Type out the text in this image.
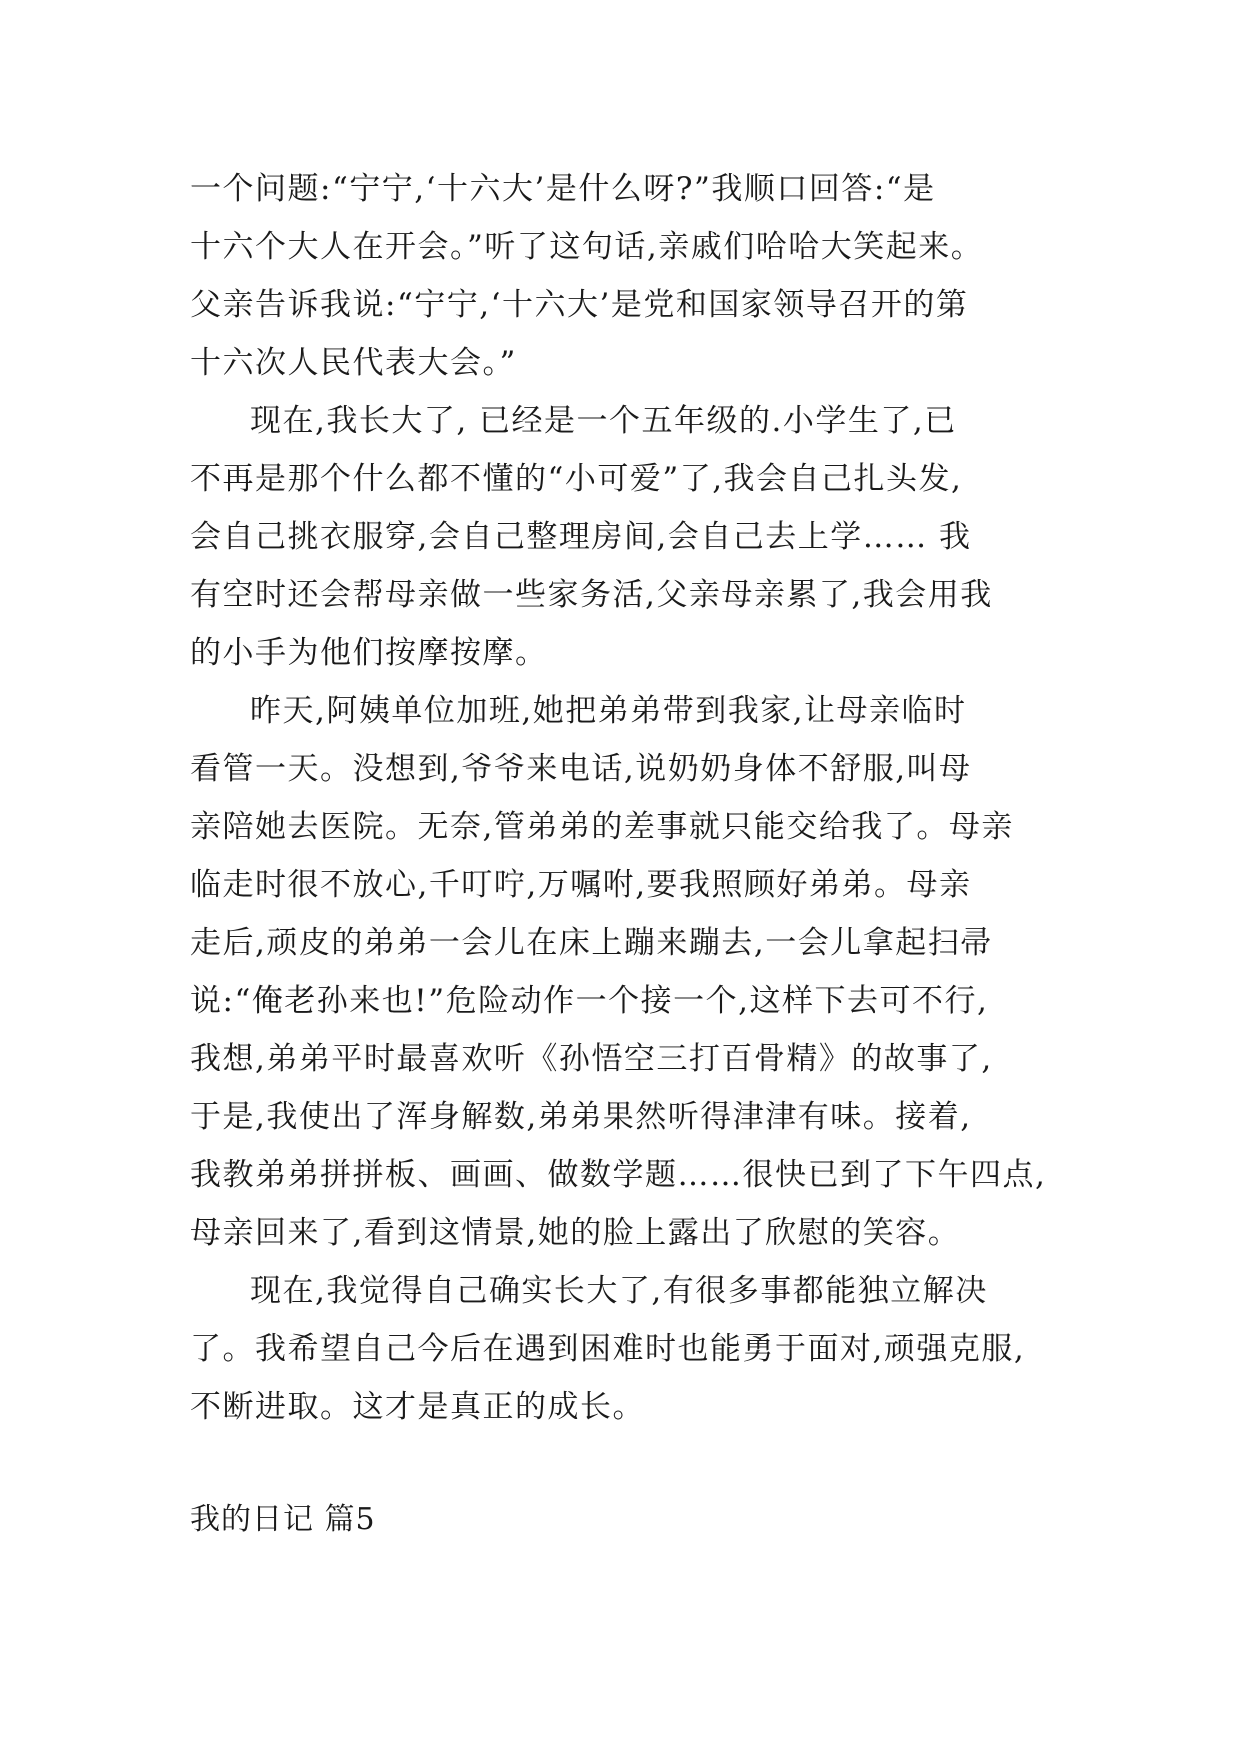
一个问题:“宁宁,‘十六大’是什么呀?”我顺口回答:“是
十六个大人在开会。”听了这句话,亲戚们哈哈大笑起来。
父亲告诉我说:“宁宁,‘十六大’是党和国家领导召开的第
十六次人民代表大会。”
现在,我长大了, 已经是一个五年级的.小学生了,已
不再是那个什么都不懂的“小可爱”了,我会自己扎头发,
会自己挑衣服穿,会自己整理房间,会自己去上学…… 我
有空时还会帮母亲做一些家务活,父亲母亲累了,我会用我
的小手为他们按摩按摩。
昨天,阿姨单位加班,她把弟弟带到我家,让母亲临时
看管一天。没想到,爷爷来电话,说奶奶身体不舒服,叫母
亲陪她去医院。无奈,管弟弟的差事就只能交给我了。母亲
临走时很不放心,千叮咛,万嘱咐,要我照顾好弟弟。母亲
走后,顽皮的弟弟一会儿在床上蹦来蹦去,一会儿拿起扫帚
说:“俺老孙来也!”危险动作一个接一个,这样下去可不行,
我想,弟弟平时最喜欢听《孙悟空三打百骨精》的故事了,
于是,我使出了浑身解数,弟弟果然听得津津有味。接着,
我教弟弟拼拼板、画画、做数学题……很快已到了下午四点,
母亲回来了,看到这情景,她的脸上露出了欣慰的笑容。
现在,我觉得自己确实长大了,有很多事都能独立解决
了。我希望自己今后在遇到困难时也能勇于面对,顽强克服,
不断进取。这才是真正的成长。
我的日记 篇5
